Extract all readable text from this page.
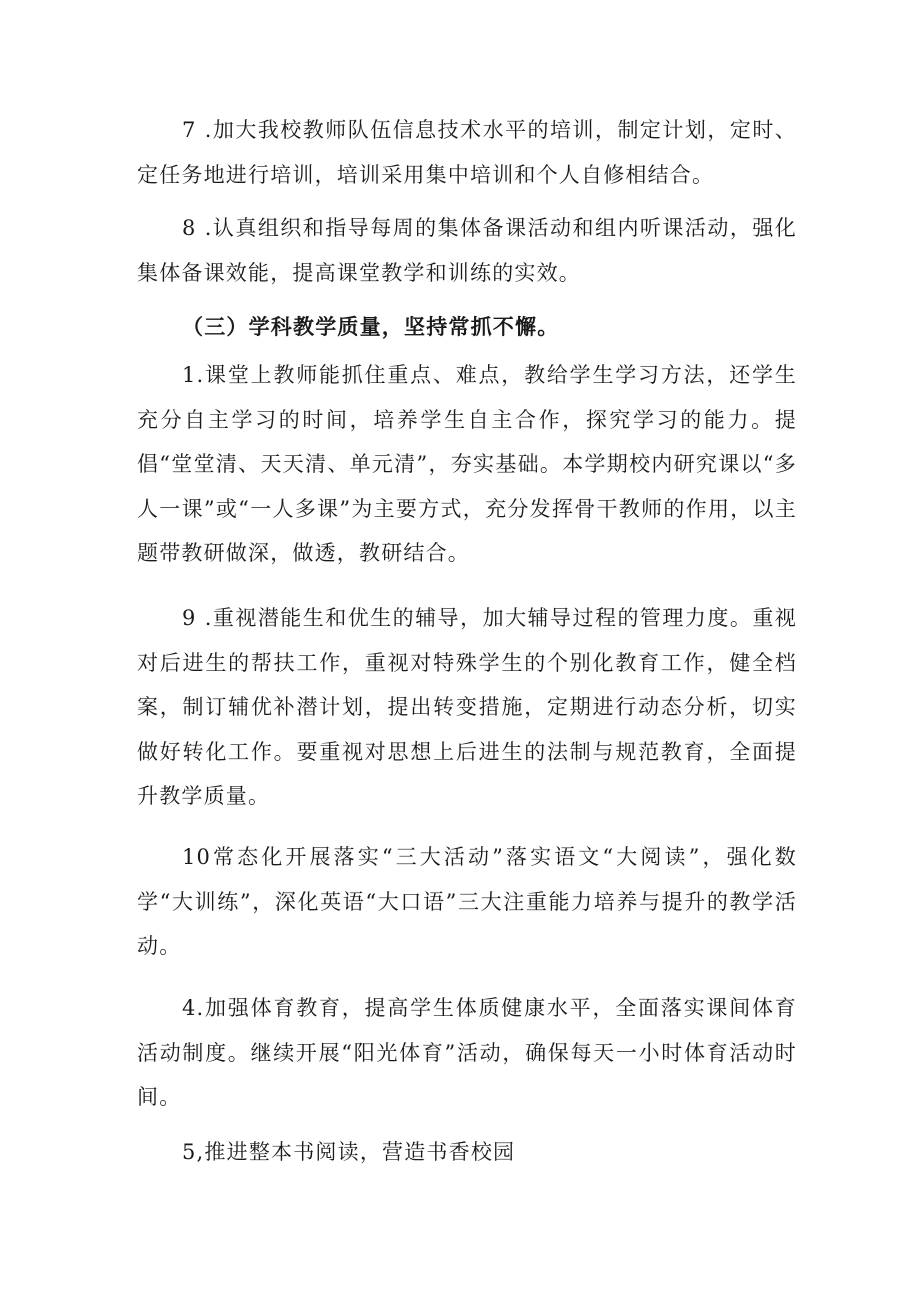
7 .加大我校教师队伍信息技术水平的培训，制定计划，定时、定任务地进行培训，培训采用集中培训和个人自修相结合。

8 .认真组织和指导每周的集体备课活动和组内听课活动，强化集体备课效能，提高课堂教学和训练的实效。

（三）学科教学质量，坚持常抓不懈。

1.课堂上教师能抓住重点、难点，教给学生学习方法，还学生充分自主学习的时间，培养学生自主合作，探究学习的能力。提倡“堂堂清、天天清、单元清”，夯实基础。本学期校内研究课以“多人一课”或“一人多课”为主要方式，充分发挥骨干教师的作用，以主题带教研做深，做透，教研结合。

9 .重视潜能生和优生的辅导，加大辅导过程的管理力度。重视对后进生的帮扶工作，重视对特殊学生的个别化教育工作，健全档案，制订辅优补潜计划，提出转变措施，定期进行动态分析，切实做好转化工作。要重视对思想上后进生的法制与规范教育，全面提升教学质量。

10常态化开展落实“三大活动”落实语文“大阅读”，强化数学“大训练”，深化英语“大口语”三大注重能力培养与提升的教学活动。

4.加强体育教育，提高学生体质健康水平，全面落实课间体育活动制度。继续开展“阳光体育”活动，确保每天一小时体育活动时间。

5,推进整本书阅读，营造书香校园
